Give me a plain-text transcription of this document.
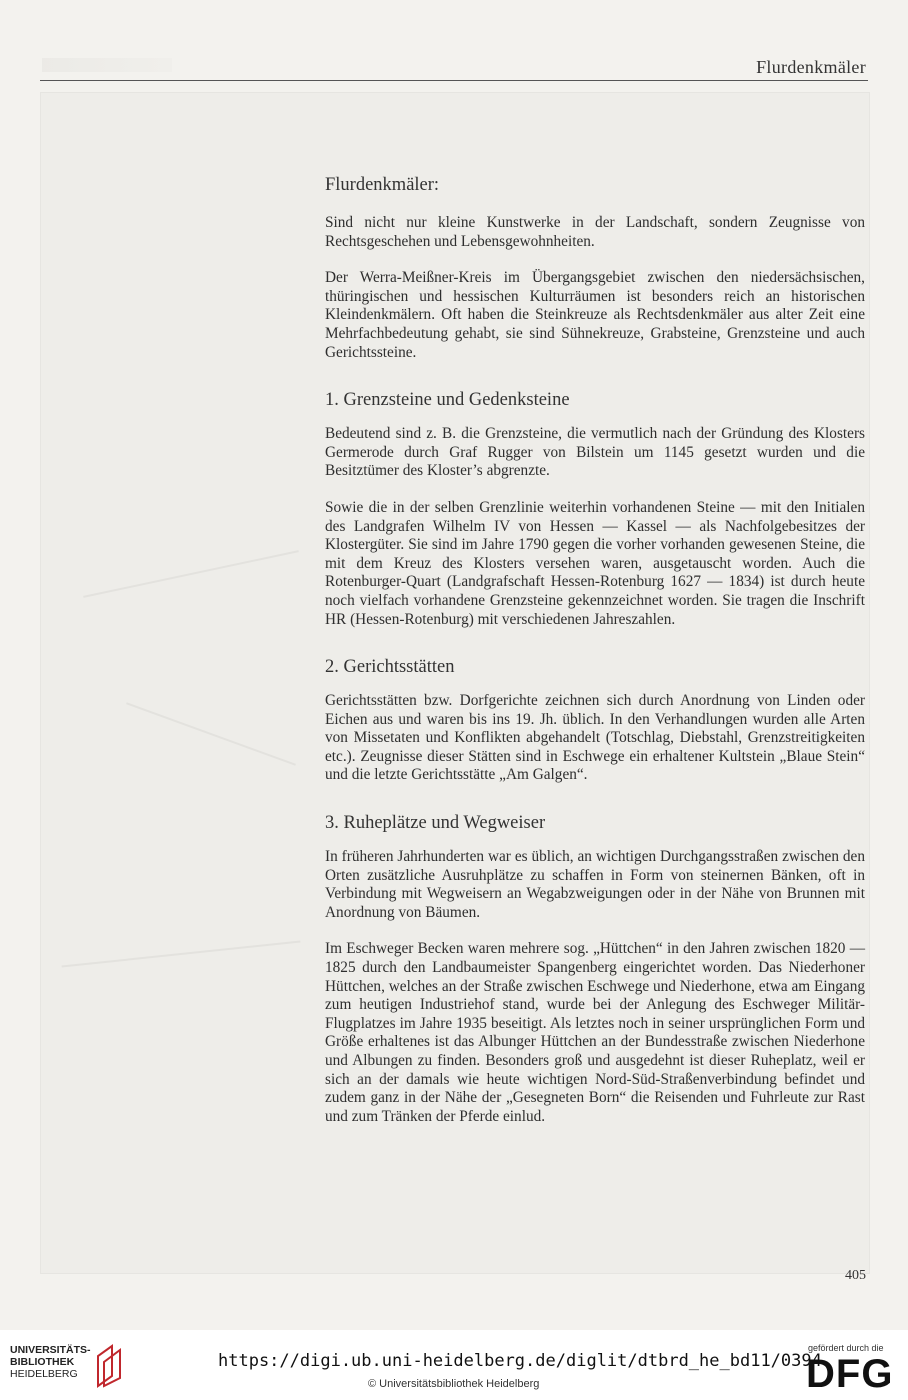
Flurdenkmäler
Flurdenkmäler:

Sind nicht nur kleine Kunstwerke in der Landschaft, sondern Zeugnisse von Rechtsgeschehen und Lebensgewohnheiten.

Der Werra-Meißner-Kreis im Übergangsgebiet zwischen den niedersächsischen, thüringischen und hessischen Kulturräumen ist besonders reich an historischen Kleindenkmälern. Oft haben die Steinkreuze als Rechtsdenkmäler aus alter Zeit eine Mehrfachbedeutung gehabt, sie sind Sühnekreuze, Grabsteine, Grenzsteine und auch Gerichtssteine.

1. Grenzsteine und Gedenksteine

Bedeutend sind z. B. die Grenzsteine, die vermutlich nach der Gründung des Klosters Germerode durch Graf Rugger von Bilstein um 1145 gesetzt wurden und die Besitztümer des Kloster’s abgrenzte.

Sowie die in der selben Grenzlinie weiterhin vorhandenen Steine — mit den Initialen des Landgrafen Wilhelm IV von Hessen — Kassel — als Nachfolgebesitzes der Klostergüter. Sie sind im Jahre 1790 gegen die vorher vorhanden gewesenen Steine, die mit dem Kreuz des Klosters versehen waren, ausgetauscht worden. Auch die Rotenburger-Quart (Landgrafschaft Hessen-Rotenburg 1627 — 1834) ist durch heute noch vielfach vorhandene Grenzsteine gekennzeichnet worden. Sie tragen die Inschrift HR (Hessen-Rotenburg) mit verschiedenen Jahreszahlen.

2. Gerichtsstätten

Gerichtsstätten bzw. Dorfgerichte zeichnen sich durch Anordnung von Linden oder Eichen aus und waren bis ins 19. Jh. üblich. In den Verhandlungen wurden alle Arten von Missetaten und Konflikten abgehandelt (Totschlag, Diebstahl, Grenzstreitigkeiten etc.). Zeugnisse dieser Stätten sind in Eschwege ein erhaltener Kultstein „Blaue Stein“ und die letzte Gerichtsstätte „Am Galgen“.

3. Ruheplätze und Wegweiser

In früheren Jahrhunderten war es üblich, an wichtigen Durchgangsstraßen zwischen den Orten zusätzliche Ausruhplätze zu schaffen in Form von steinernen Bänken, oft in Verbindung mit Wegweisern an Wegabzweigungen oder in der Nähe von Brunnen mit Anordnung von Bäumen.

Im Eschweger Becken waren mehrere sog. „Hüttchen“ in den Jahren zwischen 1820 — 1825 durch den Landbaumeister Spangenberg eingerichtet worden. Das Niederhoner Hüttchen, welches an der Straße zwischen Eschwege und Niederhone, etwa am Eingang zum heutigen Industriehof stand, wurde bei der Anlegung des Eschweger Militär-Flugplatzes im Jahre 1935 beseitigt. Als letztes noch in seiner ursprünglichen Form und Größe erhaltenes ist das Albunger Hüttchen an der Bundesstraße zwischen Niederhone und Albungen zu finden. Besonders groß und ausgedehnt ist dieser Ruheplatz, weil er sich an der damals wie heute wichtigen Nord-Süd-Straßenverbindung befindet und zudem ganz in der Nähe der „Gesegneten Born“ die Reisenden und Fuhrleute zur Rast und zum Tränken der Pferde einlud.

405
UNIVERSITÄTS-
BIBLIOTHEK
HEIDELBERG
https://digi.ub.uni-heidelberg.de/diglit/dtbrd_he_bd11/0394
© Universitätsbibliothek Heidelberg
gefördert durch die
DFG
